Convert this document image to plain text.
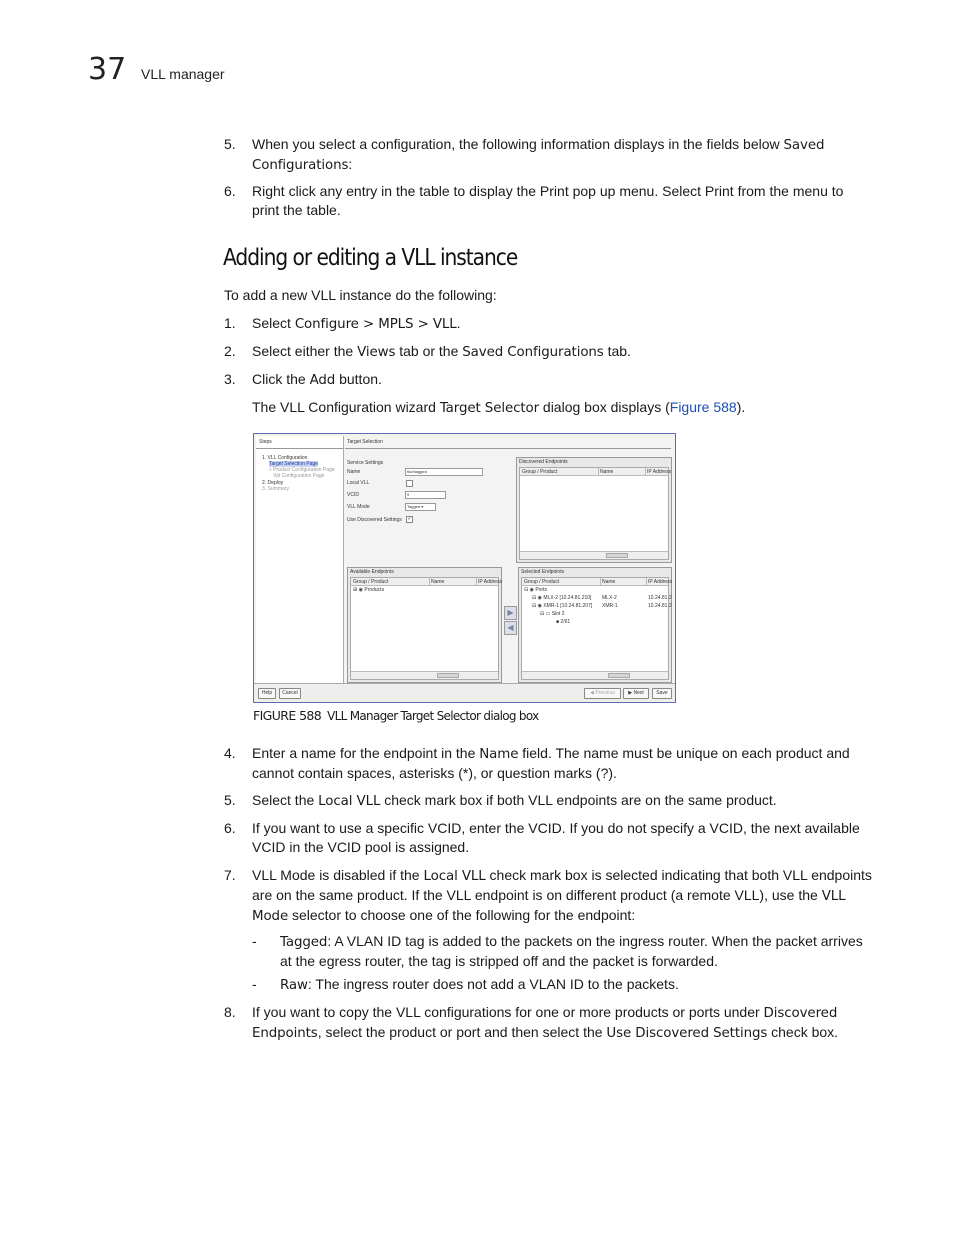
37 VLL manager
5. When you select a configuration, the following information displays in the fields below Saved Configurations:
6. Right click any entry in the table to display the Print pop up menu. Select Print from the menu to print the table.
Adding or editing a VLL instance
To add a new VLL instance do the following:
1. Select Configure > MPLS > VLL.
2. Select either the Views tab or the Saved Configurations tab.
3. Click the Add button.
The VLL Configuration wizard Target Selector dialog box displays (Figure 588).
Steps
1. VLL Configuration
Target Selection Page
» Product Configuration Page
Vpl Configuration Page
2. Deploy
3. Summary
Target Selection
Service Settings
Name	tkuntagged
Local VLL
VCID	9
VLL Mode	Tagged ▾
Use Discovered Settings ✓
Discovered Endpoints
Group / Product	Name	IP Address
Available Endpoints
Group / Product	Name	IP Address
⊞ ◉ Products
▶
◀
Selected Endpoints
Group / Product	Name	IP Address
⊟ ◉ Ports
⊟ ◉ MLX-2 [10.24.81.210] MLX-2	10.24.81.2
⊟ ◉ XMR-1 [10.24.81.207] XMR-1	10.24.81.2
⊟ ▭ Slot 2
■ 2/61
Help	Cancel	◀ Previous	▶ Next	Save
FIGURE 588 VLL Manager Target Selector dialog box
4. Enter a name for the endpoint in the Name field. The name must be unique on each product and cannot contain spaces, asterisks (*), or question marks (?).
5. Select the Local VLL check mark box if both VLL endpoints are on the same product.
6. If you want to use a specific VCID, enter the VCID. If you do not specify a VCID, the next available VCID in the VCID pool is assigned.
7. VLL Mode is disabled if the Local VLL check mark box is selected indicating that both VLL endpoints are on the same product. If the VLL endpoint is on different product (a remote VLL), use the VLL Mode selector to choose one of the following for the endpoint:
- Tagged: A VLAN ID tag is added to the packets on the ingress router. When the packet arrives at the egress router, the tag is stripped off and the packet is forwarded.
- Raw: The ingress router does not add a VLAN ID to the packets.
8. If you want to copy the VLL configurations for one or more products or ports under Discovered Endpoints, select the product or port and then select the Use Discovered Settings check box.
